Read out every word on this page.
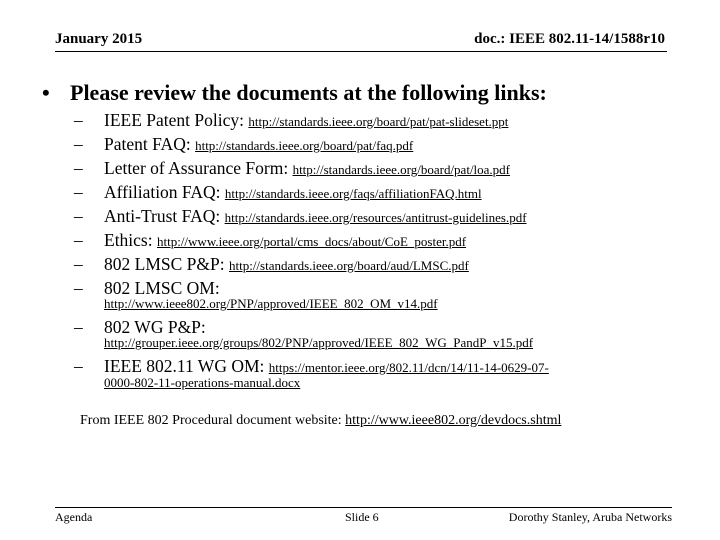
January 2015	doc.: IEEE 802.11-14/1588r10
• Please review the documents at the following links:
– IEEE Patent Policy: http://standards.ieee.org/board/pat/pat-slideset.ppt
– Patent FAQ: http://standards.ieee.org/board/pat/faq.pdf
– Letter of Assurance Form: http://standards.ieee.org/board/pat/loa.pdf
– Affiliation FAQ: http://standards.ieee.org/faqs/affiliationFAQ.html
– Anti-Trust FAQ: http://standards.ieee.org/resources/antitrust-guidelines.pdf
– Ethics: http://www.ieee.org/portal/cms_docs/about/CoE_poster.pdf
– 802 LMSC P&P: http://standards.ieee.org/board/aud/LMSC.pdf
– 802 LMSC OM:
http://www.ieee802.org/PNP/approved/IEEE_802_OM_v14.pdf
– 802 WG P&P:
http://grouper.ieee.org/groups/802/PNP/approved/IEEE_802_WG_PandP_v15.pdf
– IEEE 802.11 WG OM: https://mentor.ieee.org/802.11/dcn/14/11-14-0629-07-
0000-802-11-operations-manual.docx
From IEEE 802 Procedural document website: http://www.ieee802.org/devdocs.shtml
Agenda	Slide 6	Dorothy Stanley, Aruba Networks
